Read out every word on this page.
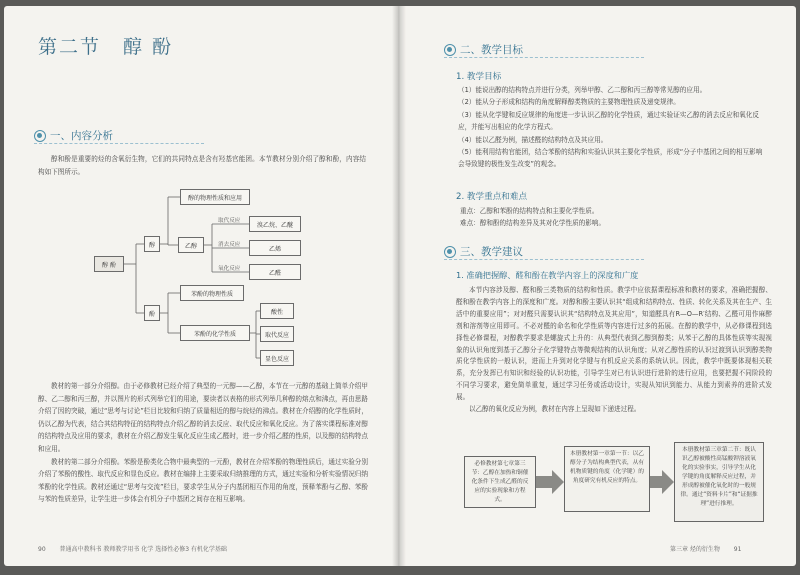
第二节 醇 酚
一、内容分析

醇和酚是重要的烃的含氧衍生物，它们的共同特点是含有羟基官能团。本节教材分别介绍了醇和酚，内容结构如下图所示。

醇 酚
醇
酚
醇的物理性质和应用
乙醇
取代反应
消去反应
氧化反应
溴乙烷、乙醚
乙烯
乙醛
苯酚的物理性质
苯酚的化学性质
酸性
取代反应
显色反应

教材的第一部分介绍醇。由于必修教材已经介绍了典型的一元醇——乙醇，本节在一元醇的基础上简单介绍甲醇、乙二醇和丙三醇，并以图片的形式列举它们的用途，要读者以表格的形式列举几种醇的熔点和沸点，再由思路介绍了因的突破，通过“思考与讨论”栏目比较和归纳了质量相近的醇与烷烃的沸点。教材在介绍醇的化学性质时，仍以乙醇为代表，结合其结构特征的结构特点介绍乙醇的消去反应、取代反应和氧化反应。为了落实课程标准对醇的结构特点及应用的要求，教材在介绍乙醇发生氧化反应生成乙醛时，进一步介绍乙醛的性质，以及醇的结构特点和应用。

教材的第二部分介绍酚。苯酚是酚类化合物中最典型的一元酚，教材在介绍苯酚的物理性质后，通过实验分别介绍了苯酚的酸性、取代反应和显色反应。教材在编排上主要采取归纳推理的方式，通过实验和分析实验情况归纳苯酚的化学性质。教材还通过“思考与交流”栏目，要求学生从分子内基团相互作用的角度，预释苯酚与乙醇、苯酚与苯的性质差异，让学生进一步体会有机分子中基团之间存在相互影响。

90 普通高中教科书 教师教学用书 化学 选择性必修3 有机化学基础
二、教学目标
1. 教学目标
（1）能说出醇的结构特点并进行分类，列举甲醇、乙二醇和丙三醇等常见醇的应用。
（2）能从分子形成和结构的角度解释醇类物质的主要物理性质及递变规律。
（3）能从化学键和反应规律的角度进一步认识乙醇的化学性质，通过实验证实乙醇的消去反应和氧化反应，并能写出相应的化学方程式。
（4）能以乙醛为例，描述醛的结构特点及其应用。
（5）能利用结构官能团，结合苯酚的结构和实验认识其主要化学性质，形成“分子中基团之间的相互影响会导致键的极性发生改变”的观念。
2. 教学重点和难点
重点：乙醇和苯酚的结构特点和主要化学性质。
难点：醇和酚的结构差异及其对化学性质的影响。
三、教学建议
1. 准确把握醇、醛和酚在教学内容上的深度和广度

本节内容涉及醇、醛和酚三类物质的结构和性质。教学中应依据课程标准和教材的要求，准确把握醇、醛和酚在教学内容上的深度和广度。对醇和酚主要认识其“组成和结构特点、性质、转化关系及其在生产、生活中的重要应用”；对对醛只需要认识其“结构特点及其应用”，知道醛具有R—O—R′结构、乙醛可用作麻醉剂和溶剂等应用即可。不必对醛的命名和化学性质等内容进行过多的拓展。在醇的教学中，从必修课程到选择性必修课程，对醇教学要求是螺旋式上升的：从典型代表到乙醇到醇类；从苯于乙醇的具体性质等实现视象的认识角度到基于乙醇分子化学键特点等微观结构的认识角度；从对乙醇性质的认识过渡到认识到醇类物质化学性质的一般认识，进而上升到对化学键与有机反应关系的系统认识。因此，教学中既要体现相关联系，充分发挥已有知识和经验的认识功能，引导学生对已有认识进行进阶的进行应用，也要把握不同阶段的不同学习要求，避免简单重复，通过学习任务或活动设计，实现从知识到能力、从能力到素养的进阶式发展。

以乙醇的氧化反应为例，教材在内容上呈现如下递进过程。

必修教材第七章第三节：乙醇在加热和铜催化条件下生成乙醛的反应的实验现象和方程式。
本册教材第一章第一节：以乙醇分子为结构典型代表，从有机物质键的角度（化学键）的角度研究有机反应的特点。
本册教材第三章第二节：既认识乙醇被酸性高锰酸钾溶液氧化的实验事实，引导学生从化学键的角度解释反应过程，并形成醇被催化氧化时的一般规律。通过“资料卡片”和“证据推理”进行推理。
第三章 烃的衍生物 91
